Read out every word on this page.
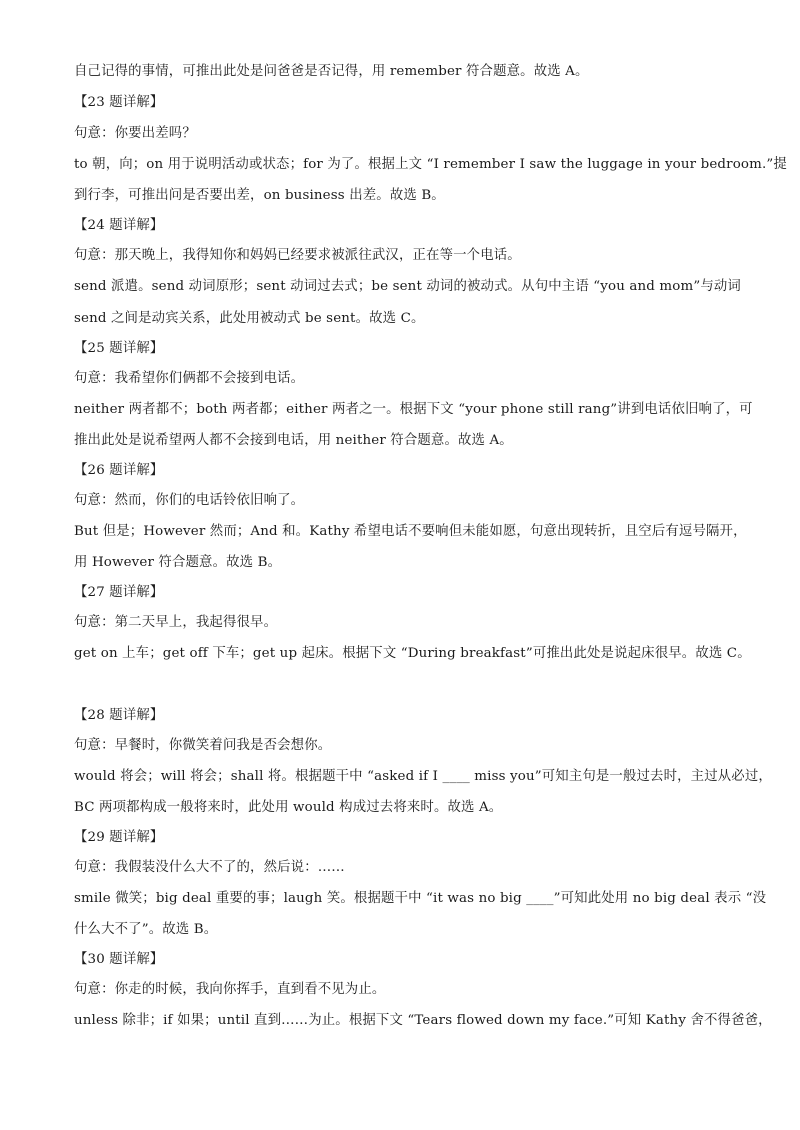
自己记得的事情，可推出此处是问爸爸是否记得，用 remember 符合题意。故选 A。
【23 题详解】
句意：你要出差吗？
to 朝，向；on 用于说明活动或状态；for 为了。根据上文 “I remember I saw the luggage in your bedroom.”提
到行李，可推出问是否要出差，on business 出差。故选 B。
【24 题详解】
句意：那天晚上，我得知你和妈妈已经要求被派往武汉，正在等一个电话。
send 派遣。send 动词原形；sent 动词过去式；be sent 动词的被动式。从句中主语 “you and mom”与动词
send 之间是动宾关系，此处用被动式 be sent。故选 C。
【25 题详解】
句意：我希望你们俩都不会接到电话。
neither 两者都不；both 两者都；either 两者之一。根据下文 “your phone still rang”讲到电话依旧响了，可
推出此处是说希望两人都不会接到电话，用 neither 符合题意。故选 A。
【26 题详解】
句意：然而，你们的电话铃依旧响了。
But 但是；However 然而；And 和。Kathy 希望电话不要响但未能如愿，句意出现转折，且空后有逗号隔开，
用 However 符合题意。故选 B。
【27 题详解】
句意：第二天早上，我起得很早。
get on 上车；get off 下车；get up 起床。根据下文 “During breakfast”可推出此处是说起床很早。故选 C。
【28 题详解】
句意：早餐时，你微笑着问我是否会想你。
would 将会；will 将会；shall 将。根据题干中 “asked if I ____ miss you”可知主句是一般过去时，主过从必过，
BC 两项都构成一般将来时，此处用 would 构成过去将来时。故选 A。
【29 题详解】
句意：我假装没什么大不了的，然后说：……
smile 微笑；big deal 重要的事；laugh 笑。根据题干中 “it was no big ____”可知此处用 no big deal 表示 “没
什么大不了”。故选 B。
【30 题详解】
句意：你走的时候，我向你挥手，直到看不见为止。
unless 除非；if 如果；until 直到……为止。根据下文 “Tears flowed down my face.”可知 Kathy 舍不得爸爸，
